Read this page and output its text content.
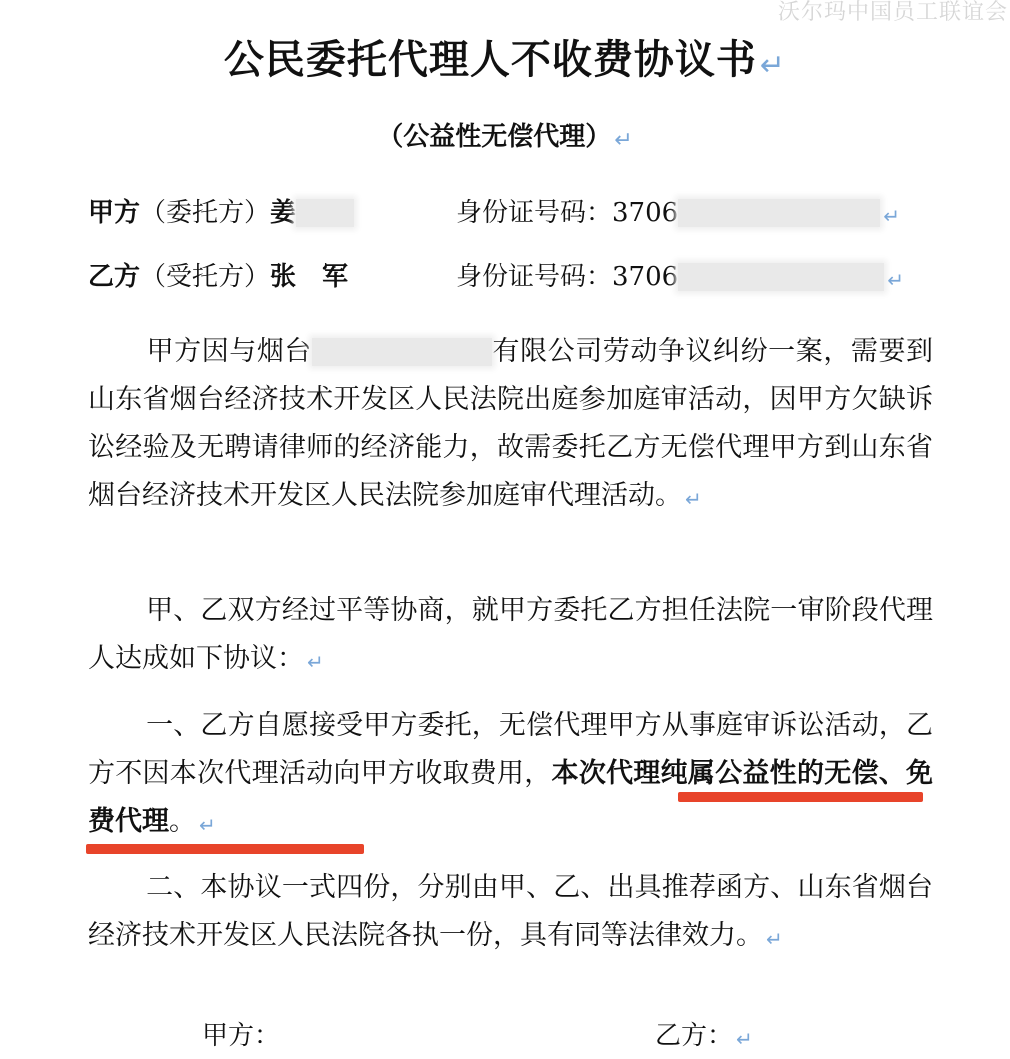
沃尔玛中国员工联谊会
公民委托代理人不收费协议书 ↵
（公益性无偿代理） ↵
甲方（委托方）姜	身份证号码：3706	↵
乙方（受托方）张　军	身份证号码：3706	↵
甲方因与烟台	有限公司劳动争议纠纷一案，需要到山东省烟台经济技术开发区人民法院出庭参加庭审活动，因甲方欠缺诉讼经验及无聘请律师的经济能力，故需委托乙方无偿代理甲方到山东省烟台经济技术开发区人民法院参加庭审代理活动。 ↵
甲、乙双方经过平等协商，就甲方委托乙方担任法院一审阶段代理人达成如下协议： ↵
一、乙方自愿接受甲方委托，无偿代理甲方从事庭审诉讼活动，乙方不因本次代理活动向甲方收取费用，本次代理纯属公益性的无偿、免费代理。 ↵
二、本协议一式四份，分别由甲、乙、出具推荐函方、山东省烟台经济技术开发区人民法院各执一份，具有同等法律效力。 ↵
甲方：	乙方： ↵
